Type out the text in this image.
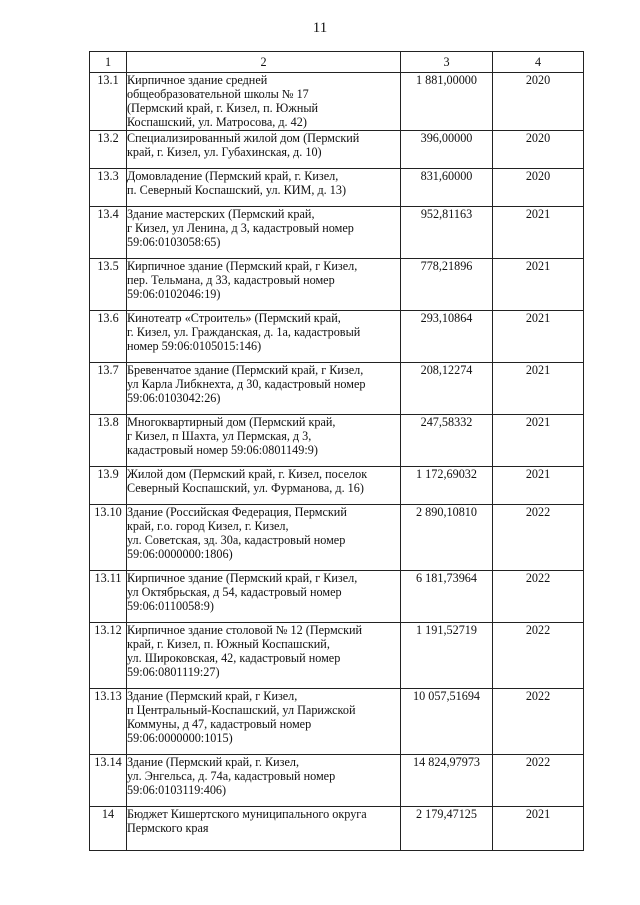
11
1	2	3	4
13.1	Кирпичное здание средней
общеобразовательной школы № 17
(Пермский край, г. Кизел, п. Южный
Коспашский, ул. Матросова, д. 42)	1 881,00000	2020
13.2	Специализированный жилой дом (Пермский
край, г. Кизел, ул. Губахинская, д. 10)	396,00000	2020
13.3	Домовладение (Пермский край, г. Кизел,
п. Северный Коспашский, ул. КИМ, д. 13)	831,60000	2020
13.4	Здание мастерских (Пермский край,
г Кизел, ул Ленина, д 3, кадастровый номер
59:06:0103058:65)	952,81163	2021
13.5	Кирпичное здание (Пермский край, г Кизел,
пер. Тельмана, д 33, кадастровый номер
59:06:0102046:19)	778,21896	2021
13.6	Кинотеатр «Строитель» (Пермский край,
г. Кизел, ул. Гражданская, д. 1а, кадастровый
номер 59:06:0105015:146)	293,10864	2021
13.7	Бревенчатое здание (Пермский край, г Кизел,
ул Карла Либкнехта, д 30, кадастровый номер
59:06:0103042:26)	208,12274	2021
13.8	Многоквартирный дом (Пермский край,
г Кизел, п Шахта, ул Пермская, д 3,
кадастровый номер 59:06:0801149:9)	247,58332	2021
13.9	Жилой дом (Пермский край, г. Кизел, поселок
Северный Коспашский, ул. Фурманова, д. 16)	1 172,69032	2021
13.10	Здание (Российская Федерация, Пермский
край, г.о. город Кизел, г. Кизел,
ул. Советская, зд. 30а, кадастровый номер
59:06:0000000:1806)	2 890,10810	2022
13.11	Кирпичное здание (Пермский край, г Кизел,
ул Октябрьская, д 54, кадастровый номер
59:06:0110058:9)	6 181,73964	2022
13.12	Кирпичное здание столовой № 12 (Пермский
край, г. Кизел, п. Южный Коспашский,
ул. Широковская, 42, кадастровый номер
59:06:0801119:27)	1 191,52719	2022
13.13	Здание (Пермский край, г Кизел,
п Центральный-Коспашский, ул Парижской
Коммуны, д 47, кадастровый номер
59:06:0000000:1015)	10 057,51694	2022
13.14	Здание (Пермский край, г. Кизел,
ул. Энгельса, д. 74а, кадастровый номер
59:06:0103119:406)	14 824,97973	2022
14	Бюджет Кишертского муниципального округа
Пермского края	2 179,47125	2021
